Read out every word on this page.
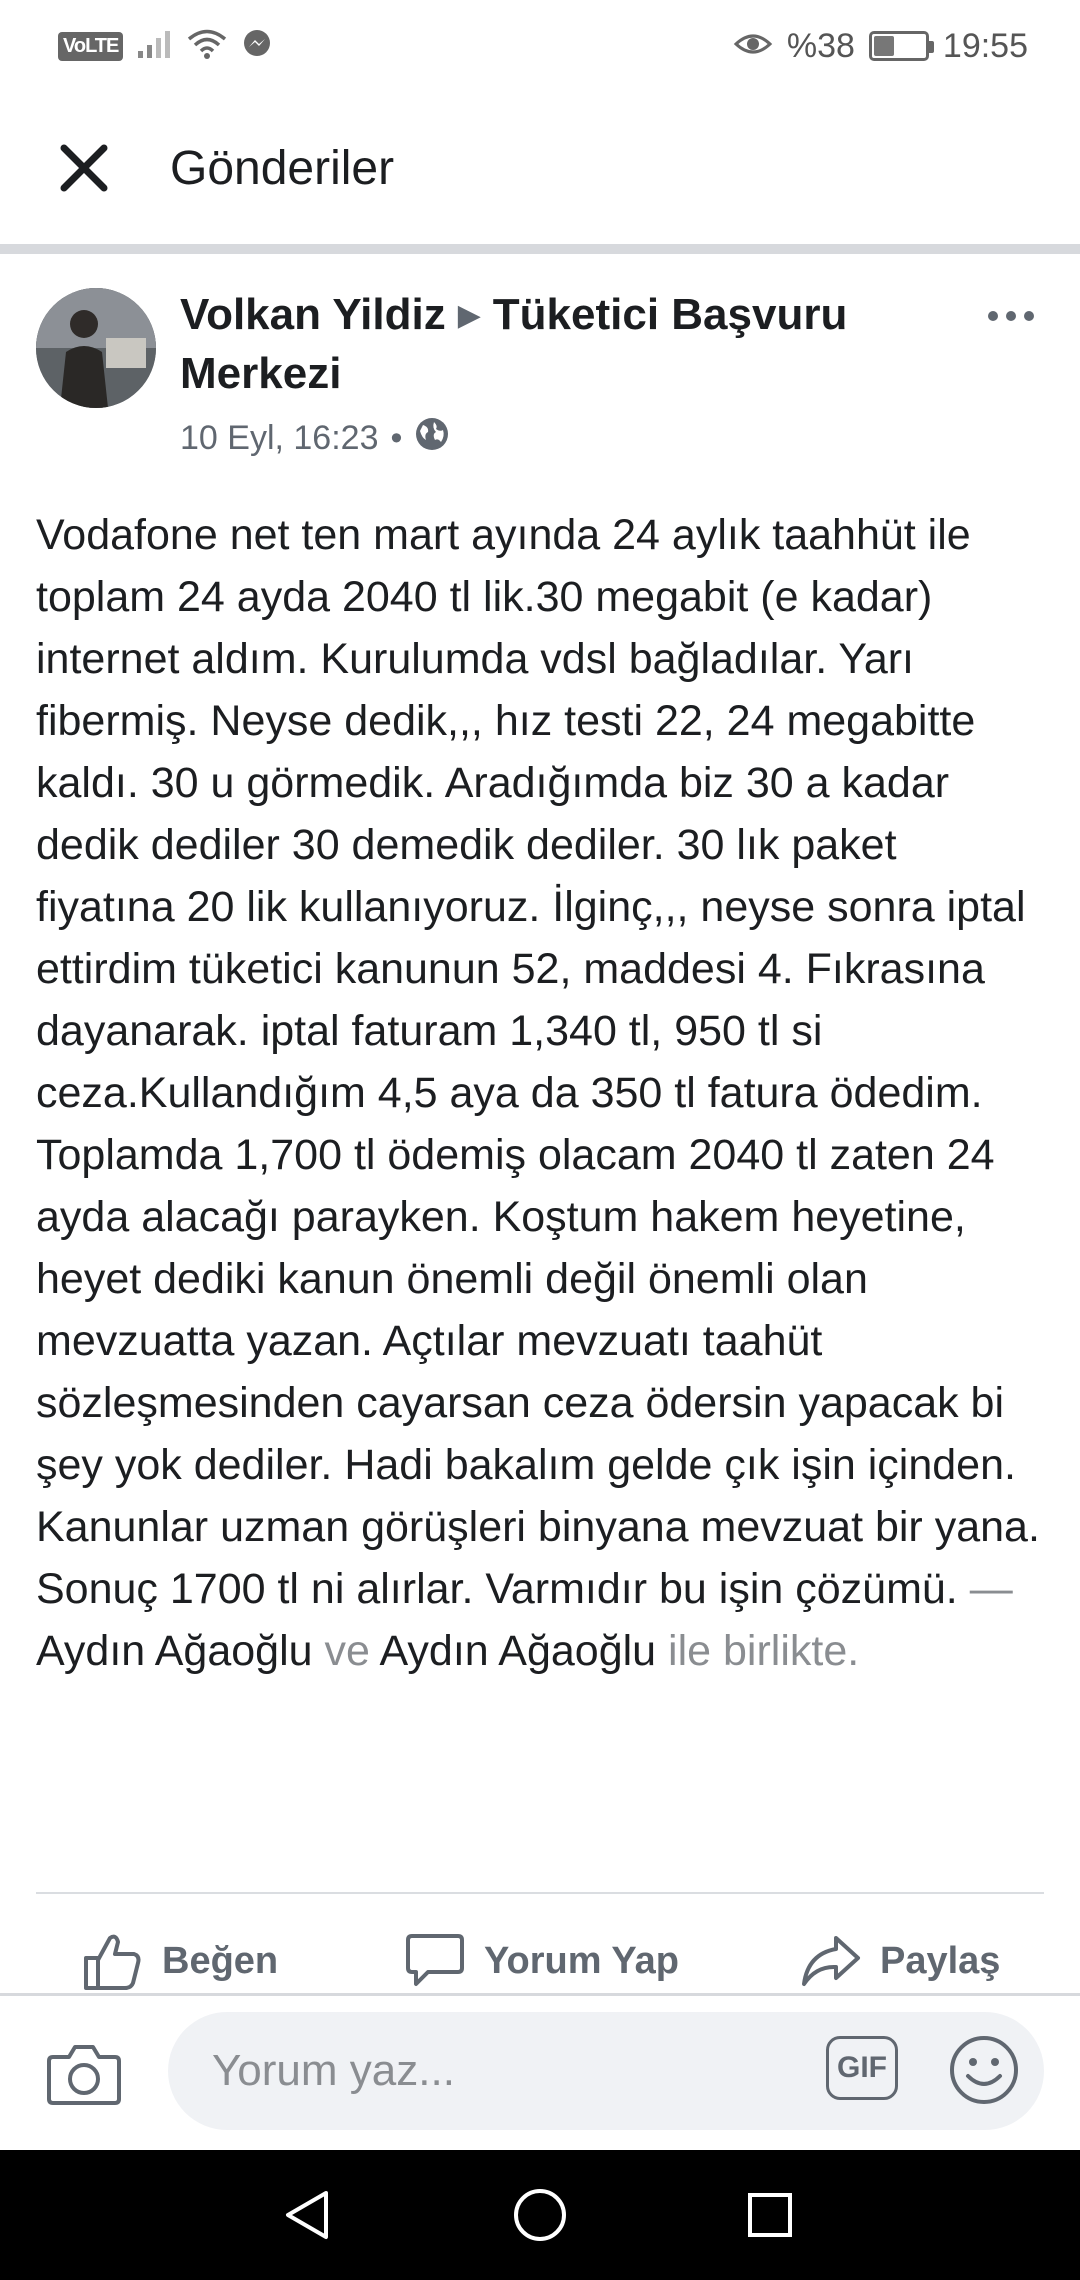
VoLTE	%38	19:55
Gönderiler
Volkan Yildiz ▶ Tüketici Başvuru Merkezi
10 Eyl, 16:23 •
Vodafone net ten mart ayında 24 aylık taahhüt ile toplam 24 ayda 2040 tl lik.30 megabit (e kadar) internet aldım. Kurulumda vdsl bağladılar. Yarı fibermiş. Neyse dedik,,, hız testi 22, 24 megabitte kaldı. 30 u görmedik. Aradığımda biz 30 a kadar dedik dediler 30 demedik dediler. 30 lık paket fiyatına 20 lik kullanıyoruz. İlginç,,, neyse sonra iptal ettirdim tüketici kanunun 52, maddesi 4. Fıkrasına dayanarak. iptal faturam 1,340 tl, 950 tl si ceza.Kullandığım 4,5 aya da 350 tl fatura ödedim. Toplamda 1,700 tl ödemiş olacam 2040 tl zaten 24 ayda alacağı parayken. Koştum hakem heyetine, heyet dediki kanun önemli değil önemli olan mevzuatta yazan. Açtılar mevzuatı taahüt sözleşmesinden cayarsan ceza ödersin yapacak bi şey yok dediler. Hadi bakalım gelde çık işin içinden. Kanunlar uzman görüşleri binyana mevzuat bir yana. Sonuç 1700 tl ni alırlar. Varmıdır bu işin çözümü. — Aydın Ağaoğlu ve Aydın Ağaoğlu ile birlikte.
Beğen	Yorum Yap	Paylaş
Yorum yaz...
GIF
